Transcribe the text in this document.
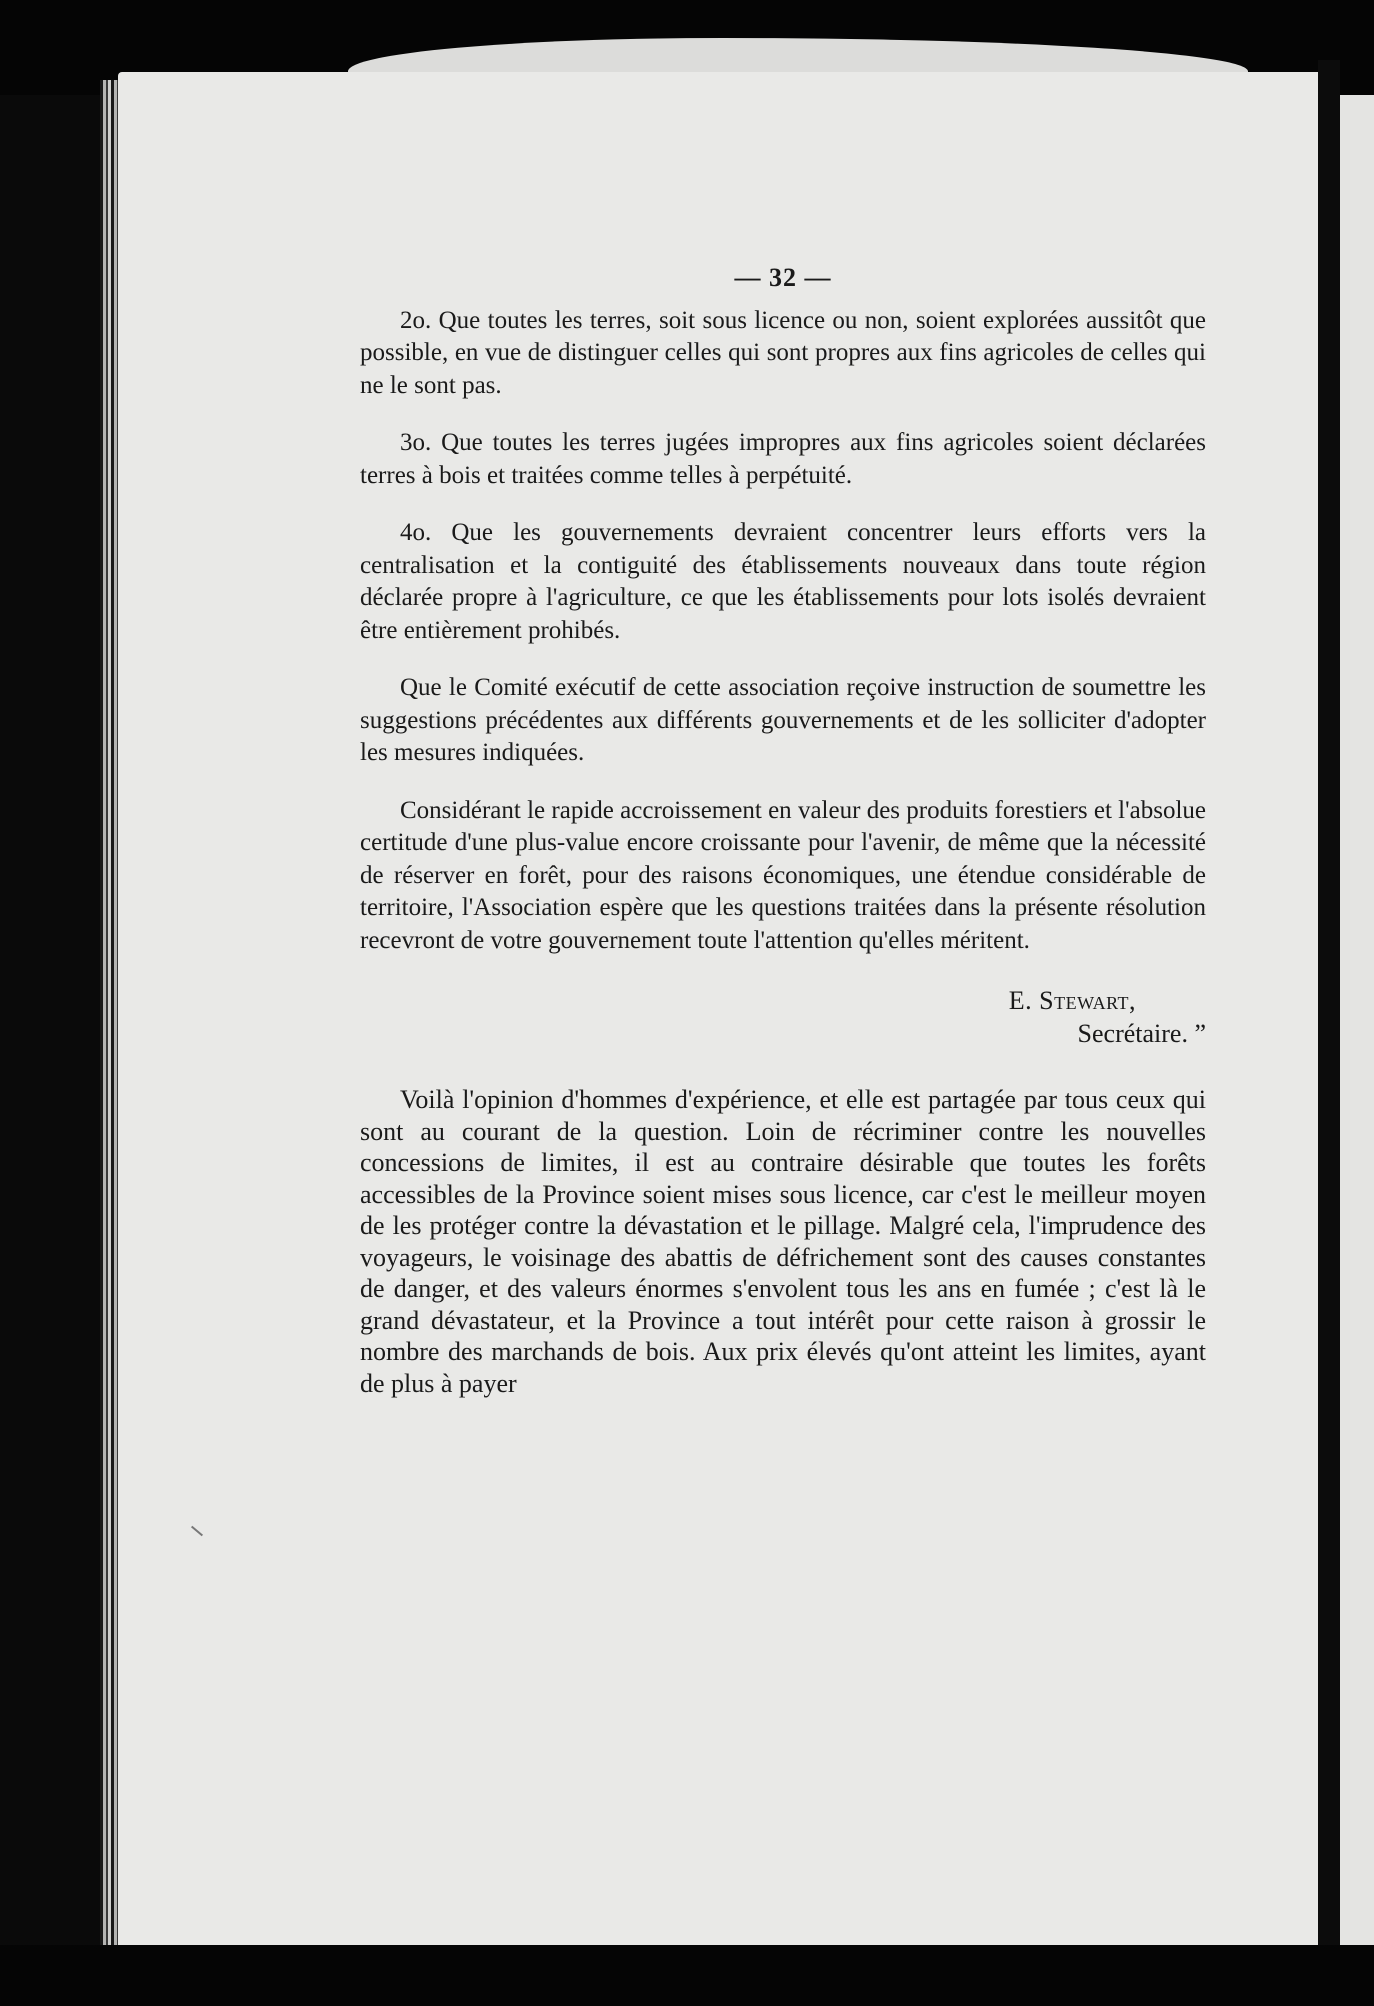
— 32 —

2o. Que toutes les terres, soit sous licence ou non, soient explorées aussitôt que possible, en vue de distinguer celles qui sont propres aux fins agricoles de celles qui ne le sont pas.

3o. Que toutes les terres jugées impropres aux fins agricoles soient déclarées terres à bois et traitées comme telles à perpétuité.

4o. Que les gouvernements devraient concentrer leurs efforts vers la centralisation et la contiguité des établissements nouveaux dans toute région déclarée propre à l'agriculture, ce que les établissements pour lots isolés devraient être entièrement prohibés.

Que le Comité exécutif de cette association reçoive instruction de soumettre les suggestions précédentes aux différents gouvernements et de les solliciter d'adopter les mesures indiquées.

Considérant le rapide accroissement en valeur des produits forestiers et l'absolue certitude d'une plus-value encore croissante pour l'avenir, de même que la nécessité de réserver en forêt, pour des raisons économiques, une étendue considérable de territoire, l'Association espère que les questions traitées dans la présente résolution recevront de votre gouvernement toute l'attention qu'elles méritent.

E. Stewart,
Secrétaire. ”

Voilà l'opinion d'hommes d'expérience, et elle est partagée par tous ceux qui sont au courant de la question. Loin de récriminer contre les nouvelles concessions de limites, il est au contraire désirable que toutes les forêts accessibles de la Province soient mises sous licence, car c'est le meilleur moyen de les protéger contre la dévastation et le pillage. Malgré cela, l'imprudence des voyageurs, le voisinage des abattis de défrichement sont des causes constantes de danger, et des valeurs énormes s'envolent tous les ans en fumée ; c'est là le grand dévastateur, et la Province a tout intérêt pour cette raison à grossir le nombre des marchands de bois. Aux prix élevés qu'ont atteint les limites, ayant de plus à payer
